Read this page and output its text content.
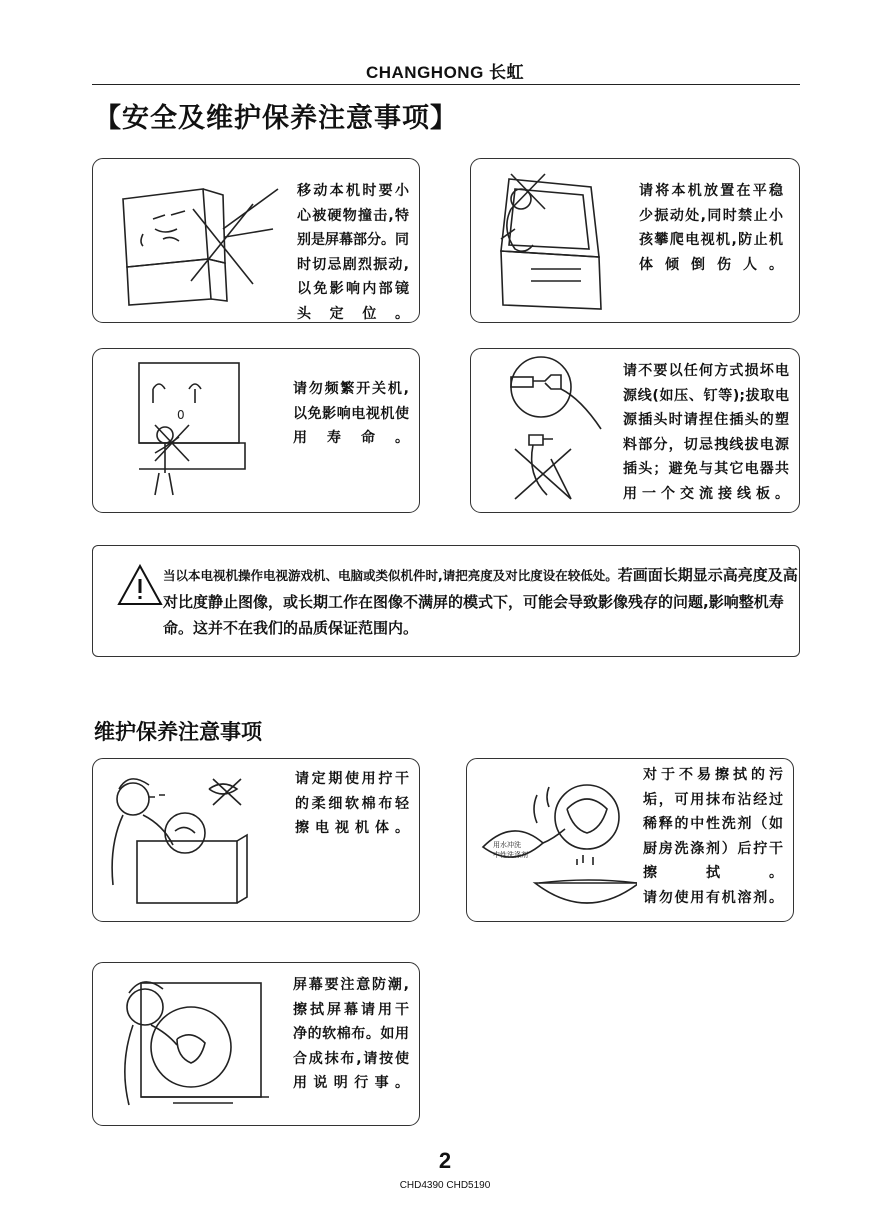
CHANGHONG 长虹
【安全及维护保养注意事项】
移动本机时要小
心被硬物撞击,特
别是屏幕部分。同
时切忌剧烈振动,
以免影响内部镜
头定位。
请将本机放置在平稳
少振动处,同时禁止小
孩攀爬电视机,防止机
体倾倒伤人。
0
请勿频繁开关机,
以免影响电视机使
用寿命。
请不要以任何方式损坏电
源线(如压、钉等);拔取电
源插头时请捏住插头的塑
料部分，切忌拽线拔电源
插头；避免与其它电器共
用一个交流接线板。
当以本电视机操作电视游戏机、电脑或类似机件时,请把亮度及对比度设在较低处。若画面长期显示高亮度及高对比度静止图像，或长期工作在图像不满屏的模式下，可能会导致影像残存的问题,影响整机寿命。这并不在我们的品质保证范围内。
维护保养注意事项
请定期使用拧干
的柔细软棉布轻
擦电视机体。
用水冲洗
中性洗涤剂
对于不易擦拭的污
垢，可用抹布沾经过
稀释的中性洗剂（如
厨房洗涤剂）后拧干
擦拭。
请勿使用有机溶剂。
屏幕要注意防潮,
擦拭屏幕请用干
净的软棉布。如用
合成抹布,请按使
用说明行事。
2
CHD4390 CHD5190
